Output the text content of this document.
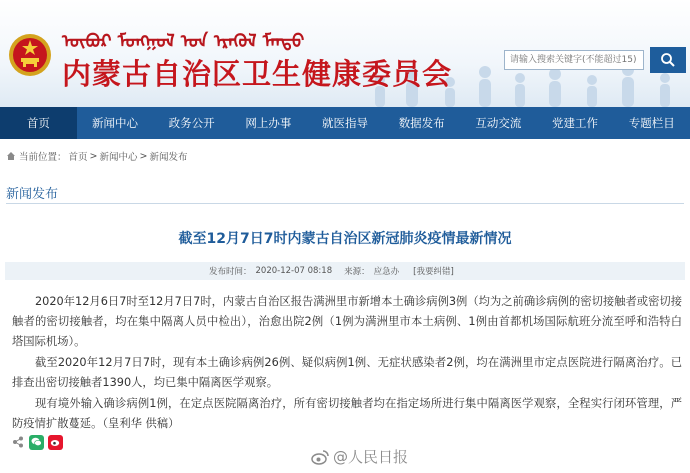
ᠥᠪᠦᠷ ᠮᠣᠩᠭᠣᠯ ᠤᠨ ᠡᠷᠡᠭᠦᠯ ᠮᠡᠨᠳᠦ
内蒙古自治区卫生健康委员会
请输入搜索关键字(不能超过15)
首页	新闻中心	政务公开	网上办事	就医指导	数据发布	互动交流	党建工作	专题栏目
当前位置： 首页 > 新闻中心 > 新闻发布
新闻发布
截至12月7日7时内蒙古自治区新冠肺炎疫情最新情况
发布时间： 2020-12-07 08:18 来源： 应急办 [我要纠错]

2020年12月6日7时至12月7日7时，内蒙古自治区报告满洲里市新增本土确诊病例3例（均为之前确诊病例的密切接触者或密切接触者的密切接触者，均在集中隔离人员中检出），治愈出院2例（1例为满洲里市本土病例、1例由首都机场国际航班分流至呼和浩特白塔国际机场）。

截至2020年12月7日7时，现有本土确诊病例26例、疑似病例1例、无症状感染者2例，均在满洲里市定点医院进行隔离治疗。已排查出密切接触者1390人，均已集中隔离医学观察。

现有境外输入确诊病例1例，在定点医院隔离治疗，所有密切接触者均在指定场所进行集中隔离医学观察，全程实行闭环管理，严防疫情扩散蔓延。（皇利华 供稿）

@人民日报
